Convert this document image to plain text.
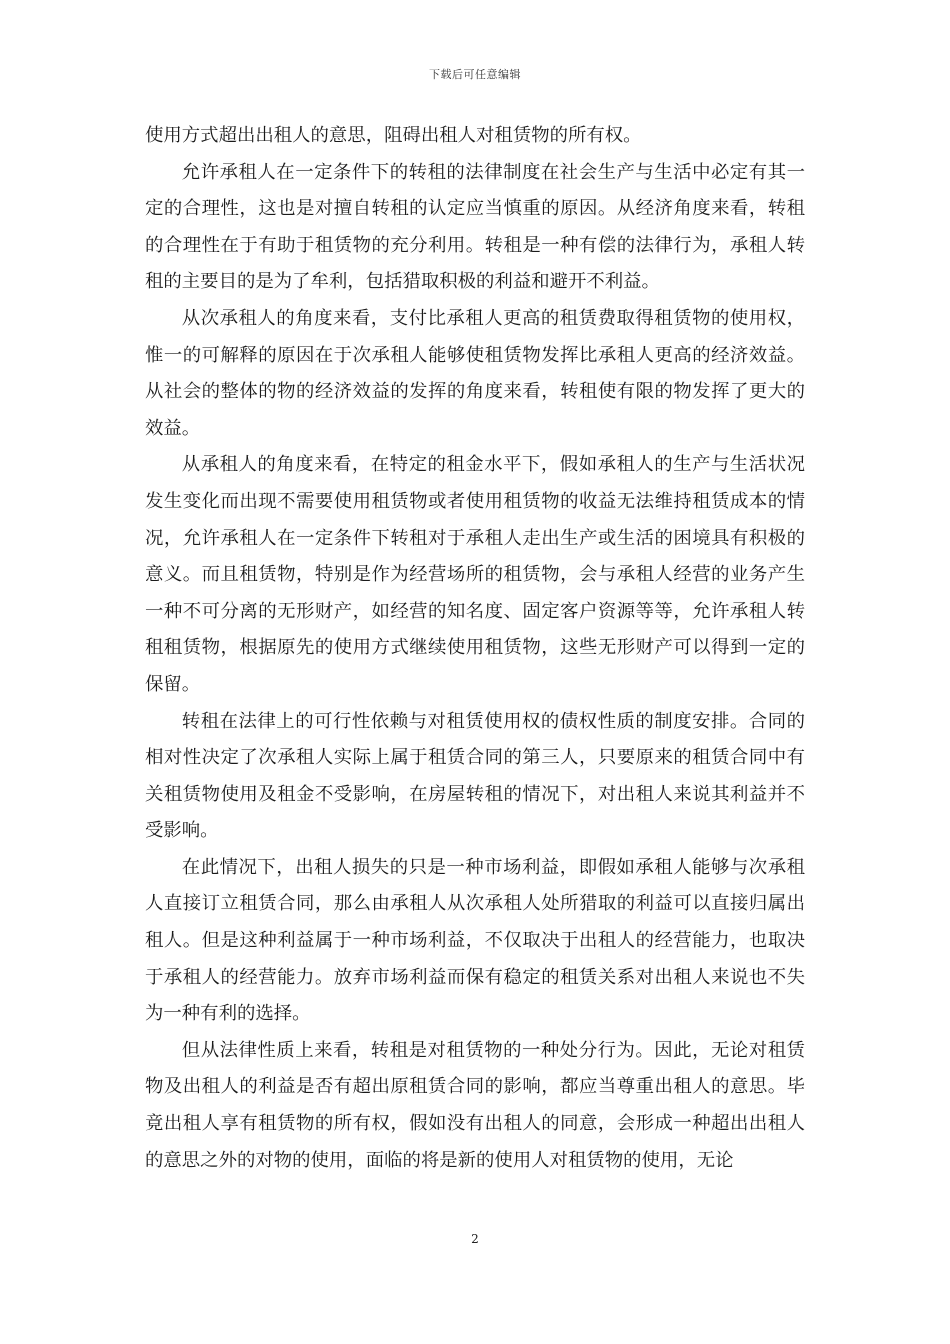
下载后可任意编辑

使用方式超出出租人的意思，阻碍出租人对租赁物的所有权。

允许承租人在一定条件下的转租的法律制度在社会生产与生活中必定有其一定的合理性，这也是对擅自转租的认定应当慎重的原因。从经济角度来看，转租的合理性在于有助于租赁物的充分利用。转租是一种有偿的法律行为，承租人转租的主要目的是为了牟利，包括猎取积极的利益和避开不利益。

从次承租人的角度来看，支付比承租人更高的租赁费取得租赁物的使用权，惟一的可解释的原因在于次承租人能够使租赁物发挥比承租人更高的经济效益。从社会的整体的物的经济效益的发挥的角度来看，转租使有限的物发挥了更大的效益。

从承租人的角度来看，在特定的租金水平下，假如承租人的生产与生活状况发生变化而出现不需要使用租赁物或者使用租赁物的收益无法维持租赁成本的情况，允许承租人在一定条件下转租对于承租人走出生产或生活的困境具有积极的意义。而且租赁物，特别是作为经营场所的租赁物，会与承租人经营的业务产生一种不可分离的无形财产，如经营的知名度、固定客户资源等等，允许承租人转租租赁物，根据原先的使用方式继续使用租赁物，这些无形财产可以得到一定的保留。

转租在法律上的可行性依赖与对租赁使用权的债权性质的制度安排。合同的相对性决定了次承租人实际上属于租赁合同的第三人，只要原来的租赁合同中有关租赁物使用及租金不受影响，在房屋转租的情况下，对出租人来说其利益并不受影响。

在此情况下，出租人损失的只是一种市场利益，即假如承租人能够与次承租人直接订立租赁合同，那么由承租人从次承租人处所猎取的利益可以直接归属出租人。但是这种利益属于一种市场利益，不仅取决于出租人的经营能力，也取决于承租人的经营能力。放弃市场利益而保有稳定的租赁关系对出租人来说也不失为一种有利的选择。

但从法律性质上来看，转租是对租赁物的一种处分行为。因此，无论对租赁物及出租人的利益是否有超出原租赁合同的影响，都应当尊重出租人的意思。毕竟出租人享有租赁物的所有权，假如没有出租人的同意，会形成一种超出出租人的意思之外的对物的使用，面临的将是新的使用人对租赁物的使用，无论

2
